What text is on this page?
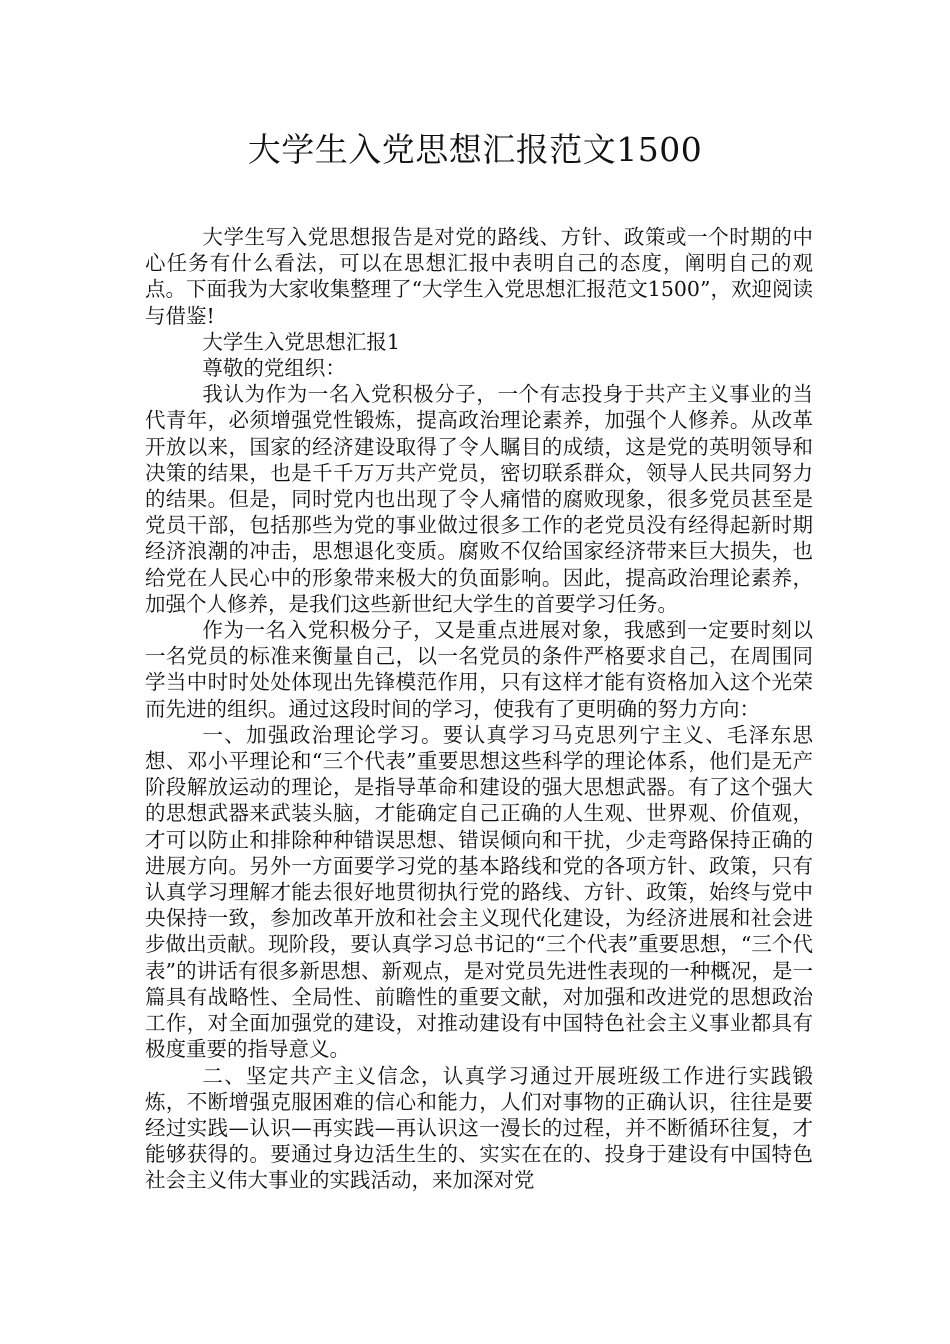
大学生入党思想汇报范文1500

大学生写入党思想报告是对党的路线、方针、政策或一个时期的中心任务有什么看法，可以在思想汇报中表明自己的态度，阐明自己的观点。下面我为大家收集整理了“大学生入党思想汇报范文1500”，欢迎阅读与借鉴!

大学生入党思想汇报1

尊敬的党组织：

我认为作为一名入党积极分子，一个有志投身于共产主义事业的当代青年，必须增强党性锻炼，提高政治理论素养，加强个人修养。从改革开放以来，国家的经济建设取得了令人瞩目的成绩，这是党的英明领导和决策的结果，也是千千万万共产党员，密切联系群众，领导人民共同努力的结果。但是，同时党内也出现了令人痛惜的腐败现象，很多党员甚至是党员干部，包括那些为党的事业做过很多工作的老党员没有经得起新时期经济浪潮的冲击，思想退化变质。腐败不仅给国家经济带来巨大损失，也给党在人民心中的形象带来极大的负面影响。因此，提高政治理论素养，加强个人修养，是我们这些新世纪大学生的首要学习任务。

作为一名入党积极分子，又是重点进展对象，我感到一定要时刻以一名党员的标准来衡量自己，以一名党员的条件严格要求自己，在周围同学当中时时处处体现出先锋模范作用，只有这样才能有资格加入这个光荣而先进的组织。通过这段时间的学习，使我有了更明确的努力方向：

一、加强政治理论学习。要认真学习马克思列宁主义、毛泽东思想、邓小平理论和“三个代表”重要思想这些科学的理论体系，他们是无产阶段解放运动的理论，是指导革命和建设的强大思想武器。有了这个强大的思想武器来武装头脑，才能确定自己正确的人生观、世界观、价值观，才可以防止和排除种种错误思想、错误倾向和干扰，少走弯路保持正确的进展方向。另外一方面要学习党的基本路线和党的各项方针、政策，只有认真学习理解才能去很好地贯彻执行党的路线、方针、政策，始终与党中央保持一致，参加改革开放和社会主义现代化建设，为经济进展和社会进步做出贡献。现阶段，要认真学习总书记的“三个代表”重要思想，“三个代表”的讲话有很多新思想、新观点，是对党员先进性表现的一种概况，是一篇具有战略性、全局性、前瞻性的重要文献，对加强和改进党的思想政治工作，对全面加强党的建设，对推动建设有中国特色社会主义事业都具有极度重要的指导意义。

二、坚定共产主义信念，认真学习通过开展班级工作进行实践锻炼，不断增强克服困难的信心和能力，人们对事物的正确认识，往往是要经过实践—认识—再实践—再认识这一漫长的过程，并不断循环往复，才能够获得的。要通过身边活生生的、实实在在的、投身于建设有中国特色社会主义伟大事业的实践活动，来加深对党
